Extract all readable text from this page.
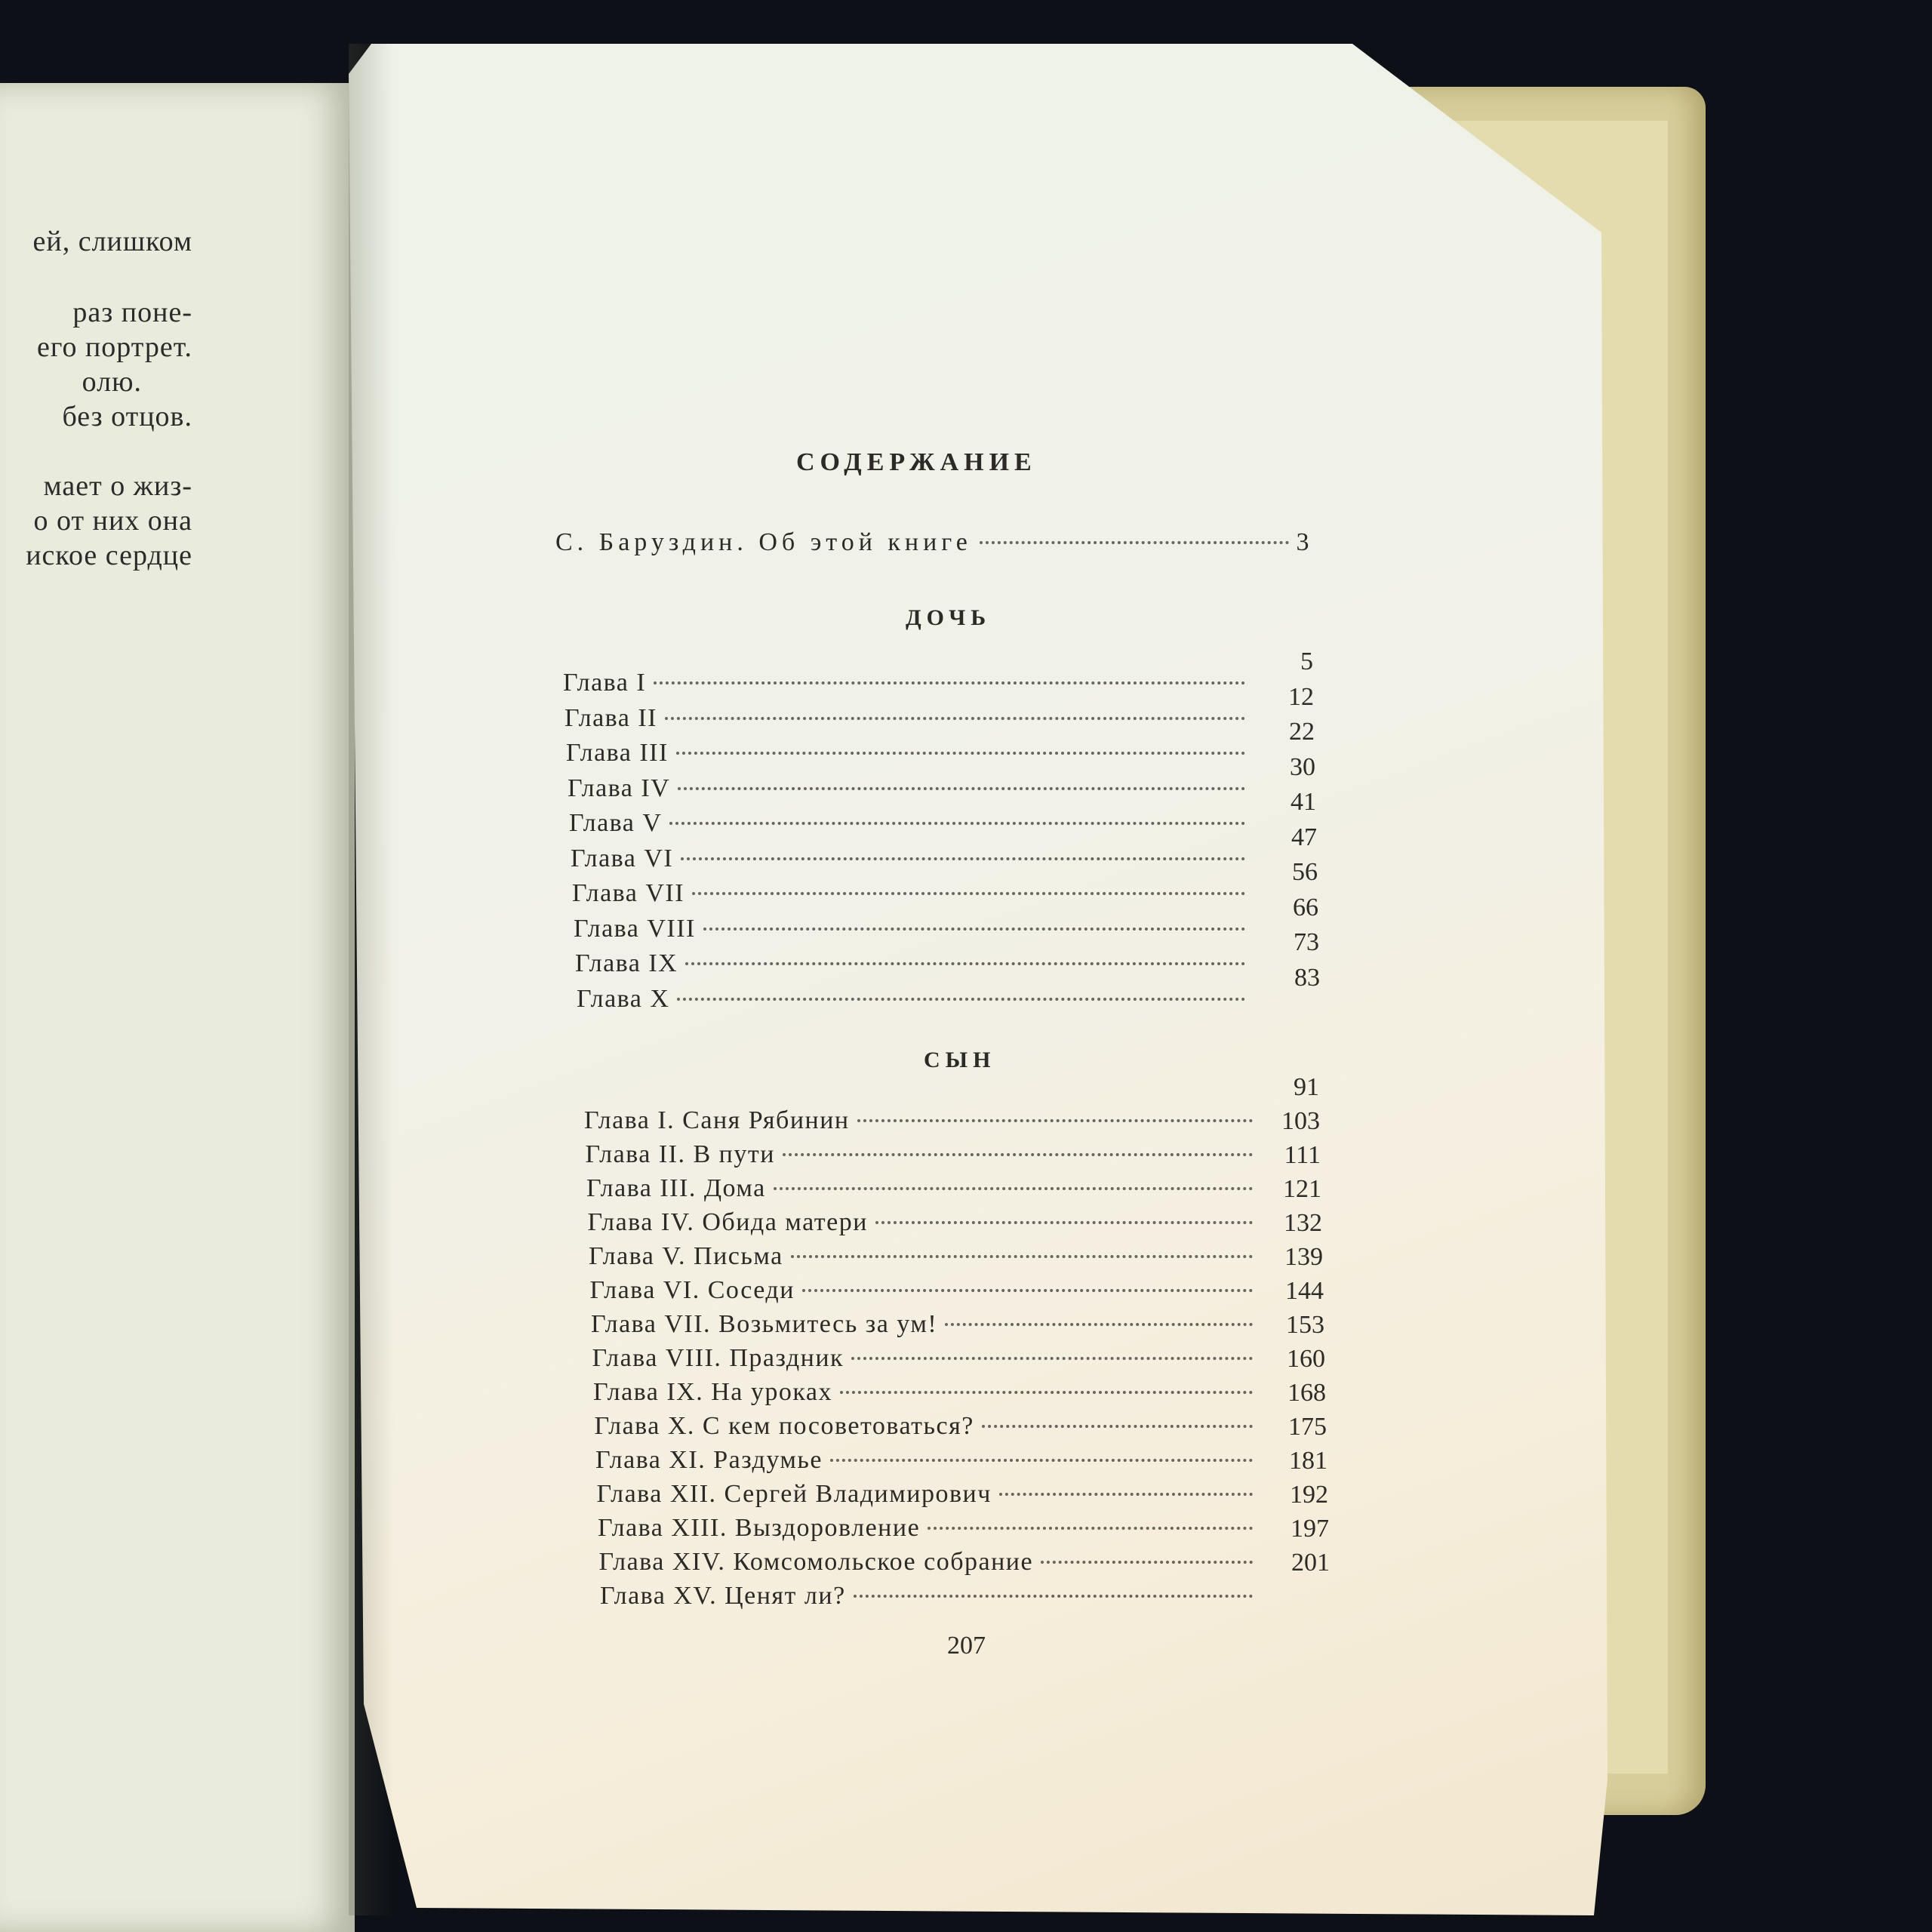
ей, слишком
раз поне-
его портрет.
олю.
без отцов.
мает о жиз-
о от них она
иское сердце
СОДЕРЖАНИЕ
С. Баруздин. Об этой книге	3
ДОЧЬ
Глава I
5
Глава II
12
Глава III
22
Глава IV
30
Глава V
41
Глава VI
47
Глава VII
56
Глава VIII
66
Глава IX
73
Глава X
83
СЫН
Глава I. Саня Рябинин
91
Глава II. В пути
103
Глава III. Дома
111
Глава IV. Обида матери
121
Глава V. Письма
132
Глава VI. Соседи
139
Глава VII. Возьмитесь за ум!
144
Глава VIII. Праздник
153
Глава IX. На уроках
160
Глава X. С кем посоветоваться?
168
Глава XI. Раздумье
175
Глава XII. Сергей Владимирович
181
Глава XIII. Выздоровление
192
Глава XIV. Комсомольское собрание
197
Глава XV. Ценят ли?
201
207
